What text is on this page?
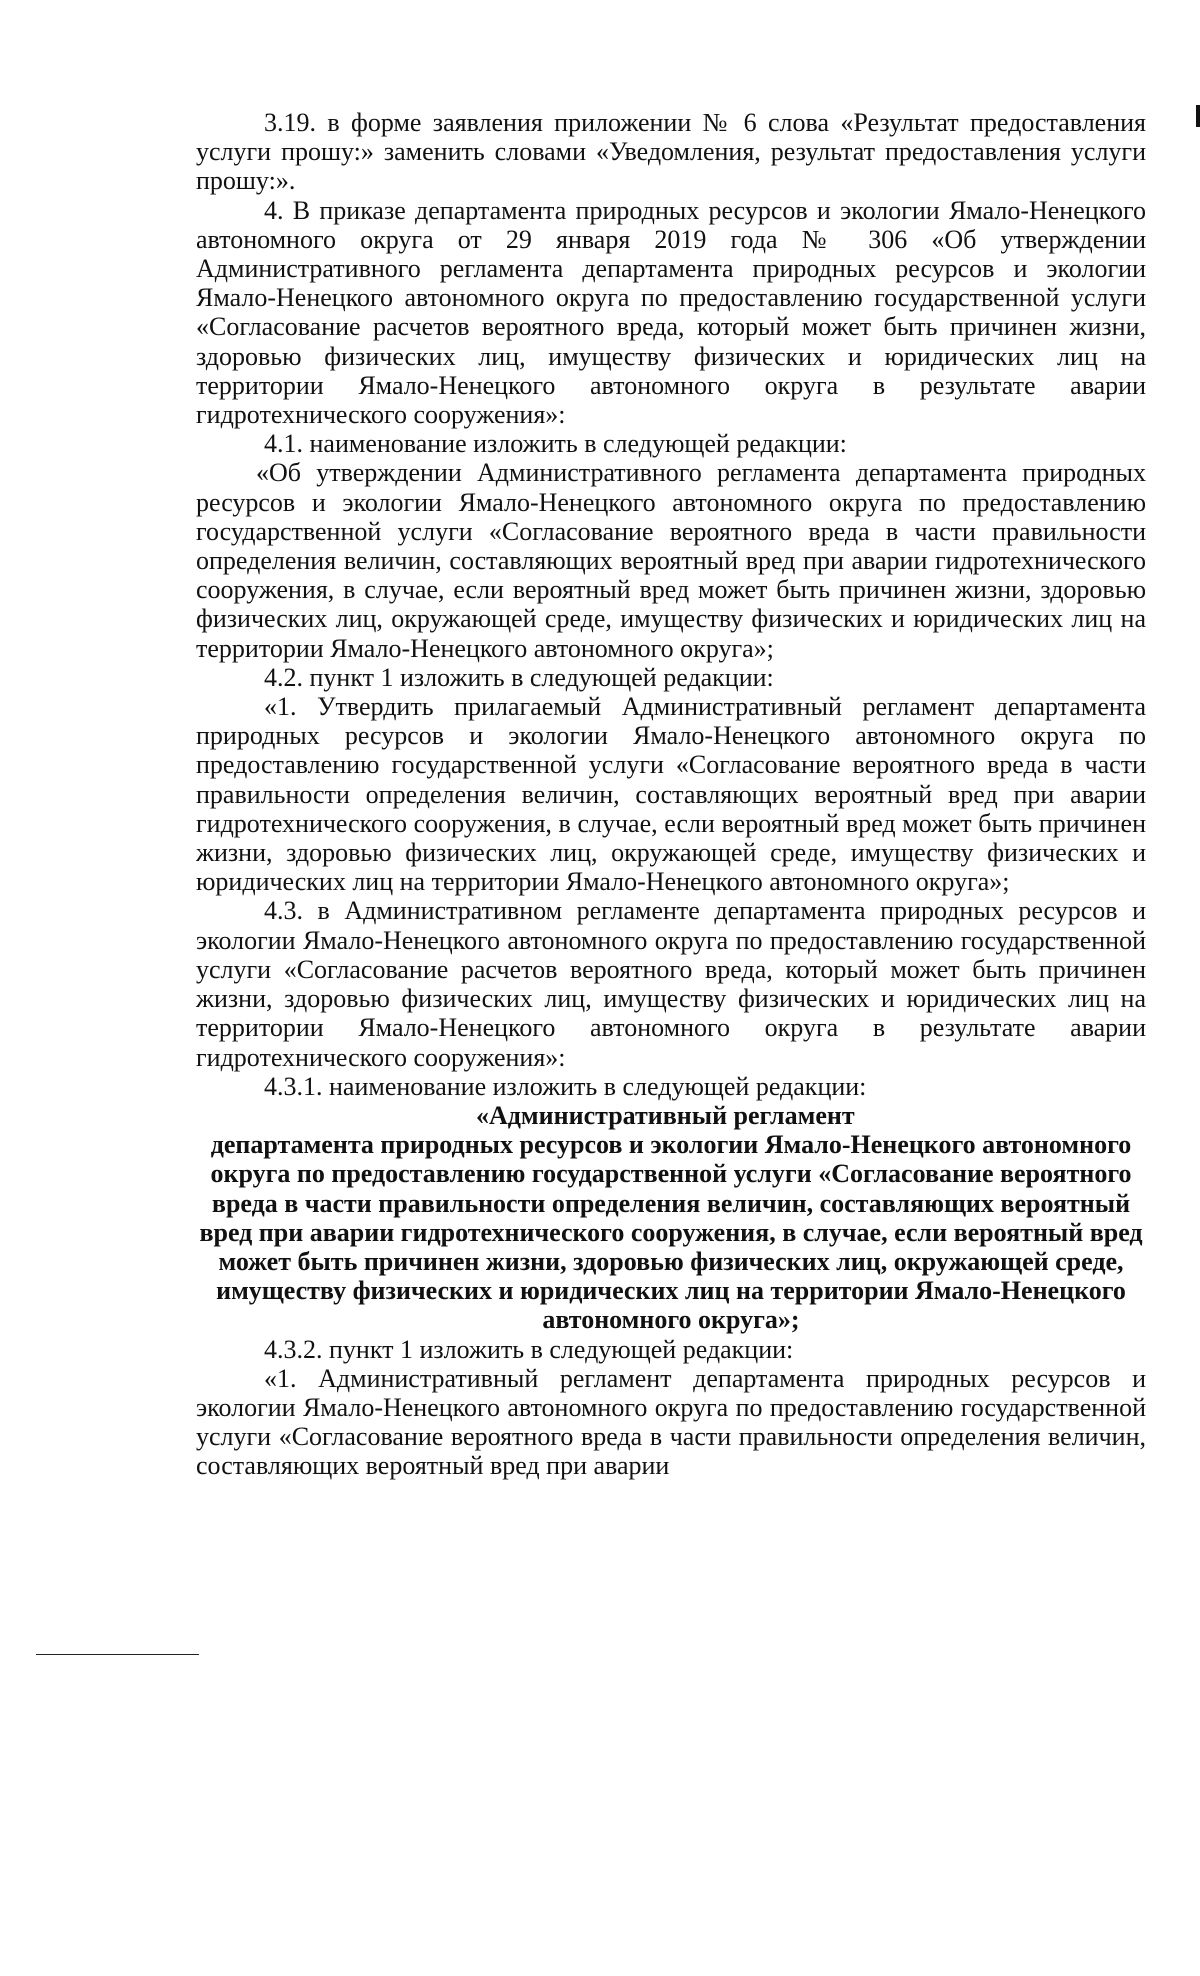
3.19. в форме заявления приложении № 6 слова «Результат предоставления услуги прошу:» заменить словами «Уведомления, результат предоставления услуги прошу:».

4. В приказе департамента природных ресурсов и экологии Ямало-Ненецкого автономного округа от 29 января 2019 года № 306 «Об утверждении Административного регламента департамента природных ресурсов и экологии Ямало-Ненецкого автономного округа по предоставлению государственной услуги «Согласование расчетов вероятного вреда, который может быть причинен жизни, здоровью физических лиц, имуществу физических и юридических лиц на территории Ямало-Ненецкого автономного округа в результате аварии гидротехнического сооружения»:

4.1. наименование изложить в следующей редакции:

«Об утверждении Административного регламента департамента природных ресурсов и экологии Ямало-Ненецкого автономного округа по предоставлению государственной услуги «Согласование вероятного вреда в части правильности определения величин, составляющих вероятный вред при аварии гидротехнического сооружения, в случае, если вероятный вред может быть причинен жизни, здоровью физических лиц, окружающей среде, имуществу физических и юридических лиц на территории Ямало-Ненецкого автономного округа»;

4.2. пункт 1 изложить в следующей редакции:

«1. Утвердить прилагаемый Административный регламент департамента природных ресурсов и экологии Ямало-Ненецкого автономного округа по предоставлению государственной услуги «Согласование вероятного вреда в части правильности определения величин, составляющих вероятный вред при аварии гидротехнического сооружения, в случае, если вероятный вред может быть причинен жизни, здоровью физических лиц, окружающей среде, имуществу физических и юридических лиц на территории Ямало-Ненецкого автономного округа»;

4.3. в Административном регламенте департамента природных ресурсов и экологии Ямало-Ненецкого автономного округа по предоставлению государственной услуги «Согласование расчетов вероятного вреда, который может быть причинен жизни, здоровью физических лиц, имуществу физических и юридических лиц на территории Ямало-Ненецкого автономного округа в результате аварии гидротехнического сооружения»:

4.3.1. наименование изложить в следующей редакции:

«Административный регламент
департамента природных ресурсов и экологии Ямало-Ненецкого автономного округа по предоставлению государственной услуги «Согласование вероятного вреда в части правильности определения величин, составляющих вероятный вред при аварии гидротехнического сооружения, в случае, если вероятный вред может быть причинен жизни, здоровью физических лиц, окружающей среде, имуществу физических и юридических лиц на территории Ямало-Ненецкого автономного округа»;

4.3.2. пункт 1 изложить в следующей редакции:

«1. Административный регламент департамента природных ресурсов и экологии Ямало-Ненецкого автономного округа по предоставлению государственной услуги «Согласование вероятного вреда в части правильности определения величин, составляющих вероятный вред при аварии
